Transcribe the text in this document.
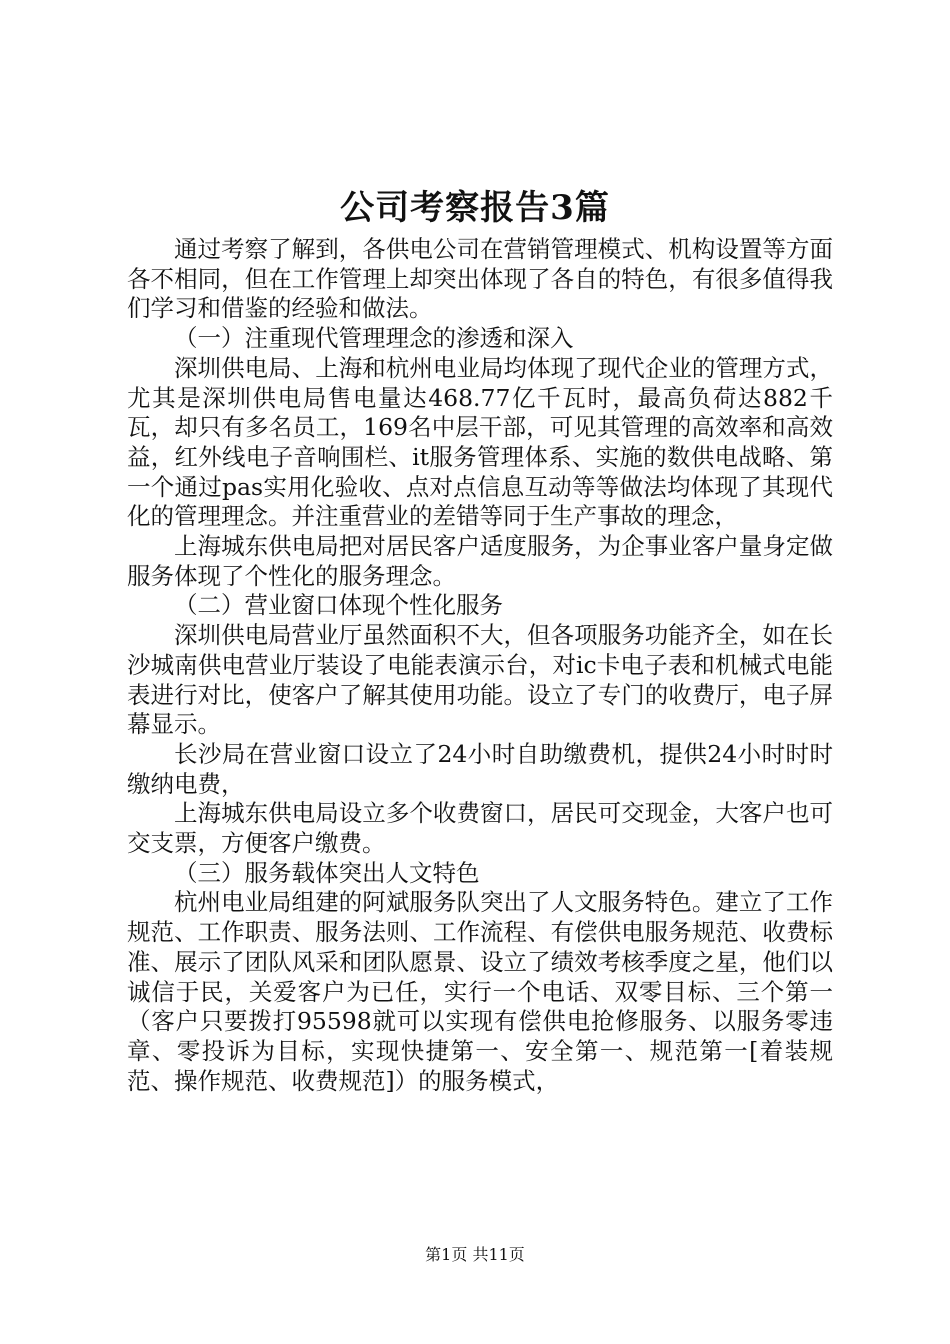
公司考察报告3篇

通过考察了解到，各供电公司在营销管理模式、机构设置等方面各不相同，但在工作管理上却突出体现了各自的特色，有很多值得我们学习和借鉴的经验和做法。

（一）注重现代管理理念的渗透和深入

深圳供电局、上海和杭州电业局均体现了现代企业的管理方式，尤其是深圳供电局售电量达468.77亿千瓦时，最高负荷达882千瓦，却只有多名员工，169名中层干部，可见其管理的高效率和高效益，红外线电子音响围栏、it服务管理体系、实施的数供电战略、第一个通过pas实用化验收、点对点信息互动等等做法均体现了其现代化的管理理念。并注重营业的差错等同于生产事故的理念，

上海城东供电局把对居民客户适度服务，为企事业客户量身定做服务体现了个性化的服务理念。

（二）营业窗口体现个性化服务

深圳供电局营业厅虽然面积不大，但各项服务功能齐全，如在长沙城南供电营业厅装设了电能表演示台，对ic卡电子表和机械式电能表进行对比，使客户了解其使用功能。设立了专门的收费厅，电子屏幕显示。

长沙局在营业窗口设立了24小时自助缴费机，提供24小时时时缴纳电费，

上海城东供电局设立多个收费窗口，居民可交现金，大客户也可交支票，方便客户缴费。

（三）服务载体突出人文特色

杭州电业局组建的阿斌服务队突出了人文服务特色。建立了工作规范、工作职责、服务法则、工作流程、有偿供电服务规范、收费标准、展示了团队风采和团队愿景、设立了绩效考核季度之星，他们以诚信于民，关爱客户为已任，实行一个电话、双零目标、三个第一（客户只要拨打95598就可以实现有偿供电抢修服务、以服务零违章、零投诉为目标，实现快捷第一、安全第一、规范第一[着装规范、操作规范、收费规范]）的服务模式，

第1页 共11页
